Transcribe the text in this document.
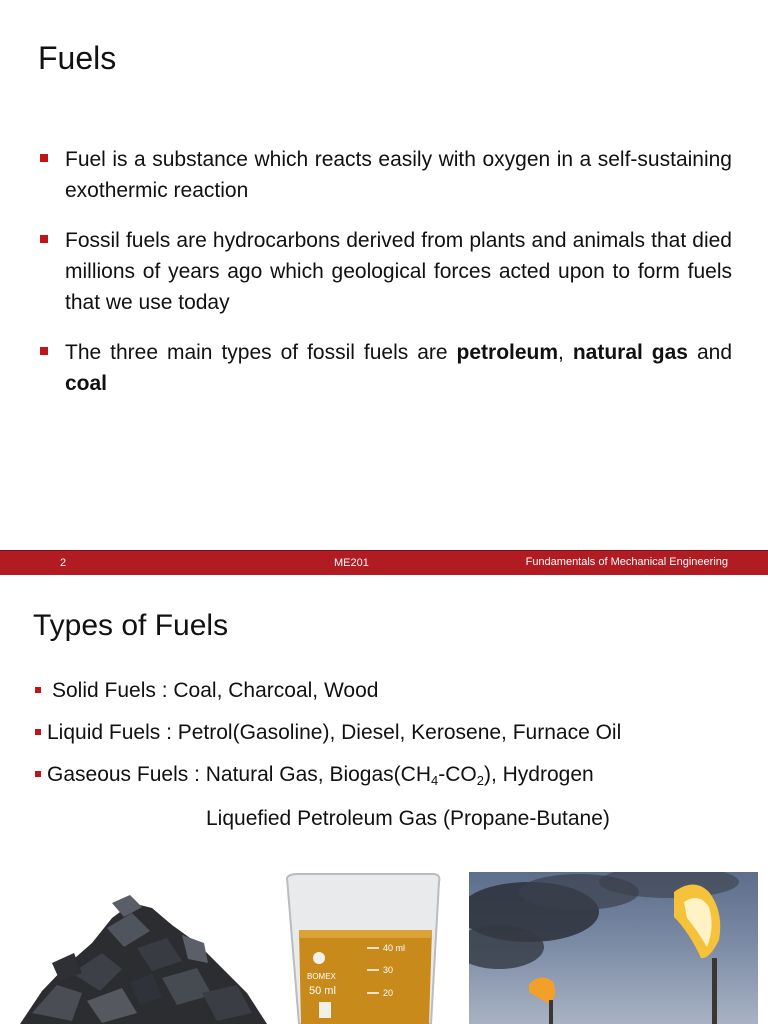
Fuels
Fuel is a substance which reacts easily with oxygen in a self-sustaining exothermic reaction
Fossil fuels are hydrocarbons derived from plants and animals that died millions of years ago which geological forces acted upon to form fuels that we use today
The three main types of fossil fuels are petroleum, natural gas and coal
2	ME201	Fundamentals of Mechanical Engineering
Types of Fuels
Solid Fuels : Coal, Charcoal, Wood
Liquid Fuels : Petrol(Gasoline), Diesel, Kerosene, Furnace Oil
Gaseous Fuels : Natural Gas, $Biogas(CH_4-CO_2)$, Hydrogen
Liquefied Petroleum Gas (Propane-Butane)
BOMEX
50 ml
40 ml
30
20
